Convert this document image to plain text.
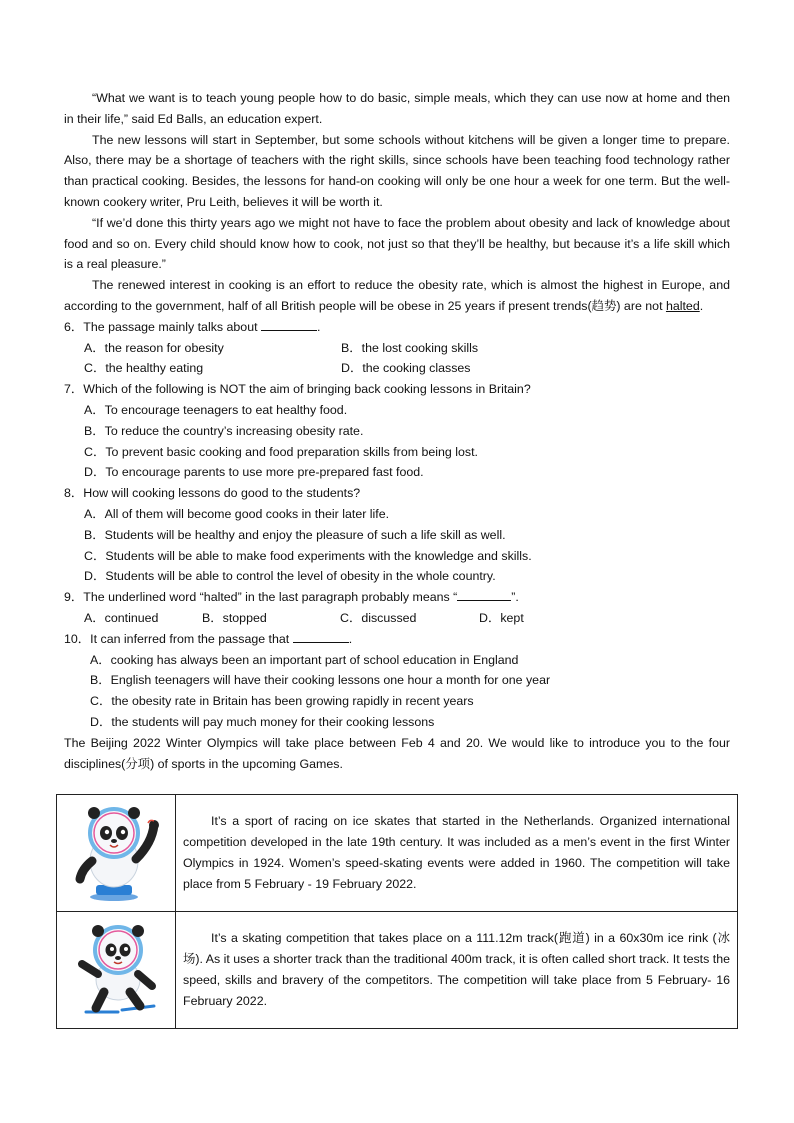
“What we want is to teach young people how to do basic, simple meals, which they can use now at home and then in their life,” said Ed Balls, an education expert.

The new lessons will start in September, but some schools without kitchens will be given a longer time to prepare. Also, there may be a shortage of teachers with the right skills, since schools have been teaching food technology rather than practical cooking. Besides, the lessons for hand-on cooking will only be one hour a week for one term. But the well-known cookery writer, Pru Leith, believes it will be worth it.

“If we’d done this thirty years ago we might not have to face the problem about obesity and lack of knowledge about food and so on. Every child should know how to cook, not just so that they’ll be healthy, but because it’s a life skill which is a real pleasure.”

The renewed interest in cooking is an effort to reduce the obesity rate, which is almost the highest in Europe, and according to the government, half of all British people will be obese in 25 years if present trends(趋势) are not halted.

6．The passage mainly talks about	.

A．the reason for obesity	B．the lost cooking skills
C．the healthy eating	D．the cooking classes

7．Which of the following is NOT the aim of bringing back cooking lessons in Britain?

A．To encourage teenagers to eat healthy food.

B．To reduce the country’s increasing obesity rate.

C．To prevent basic cooking and food preparation skills from being lost.

D．To encourage parents to use more pre-prepared fast food.

8．How will cooking lessons do good to the students?

A．All of them will become good cooks in their later life.

B．Students will be healthy and enjoy the pleasure of such a life skill as well.

C．Students will be able to make food experiments with the knowledge and skills.

D．Students will be able to control the level of obesity in the whole country.

9．The underlined word “halted” in the last paragraph probably means “	”.

A．continued	B．stopped	C．discussed	D．kept

10．It can inferred from the passage that	.

A．cooking has always been an important part of school education in England

B．English teenagers will have their cooking lessons one hour a month for one year

C．the obesity rate in Britain has been growing rapidly in recent years

D．the students will pay much money for their cooking lessons

The Beijing 2022 Winter Olympics will take place between Feb 4 and 20. We would like to introduce you to the four disciplines(分项) of sports in the upcoming Games.

It’s a sport of racing on ice skates that started in the Netherlands. Organized international competition developed in the late 19th century. It was included as a men’s event in the first Winter Olympics in 1924. Women’s speed-skating events were added in 1960. The competition will take place from 5 February - 19 February 2022.

It’s a skating competition that takes place on a 111.12m track(跑道) in a 60x30m ice rink (冰场). As it uses a shorter track than the traditional 400m track, it is often called short track. It tests the speed, skills and bravery of the competitors. The competition will take place from 5 February- 16 February 2022.
